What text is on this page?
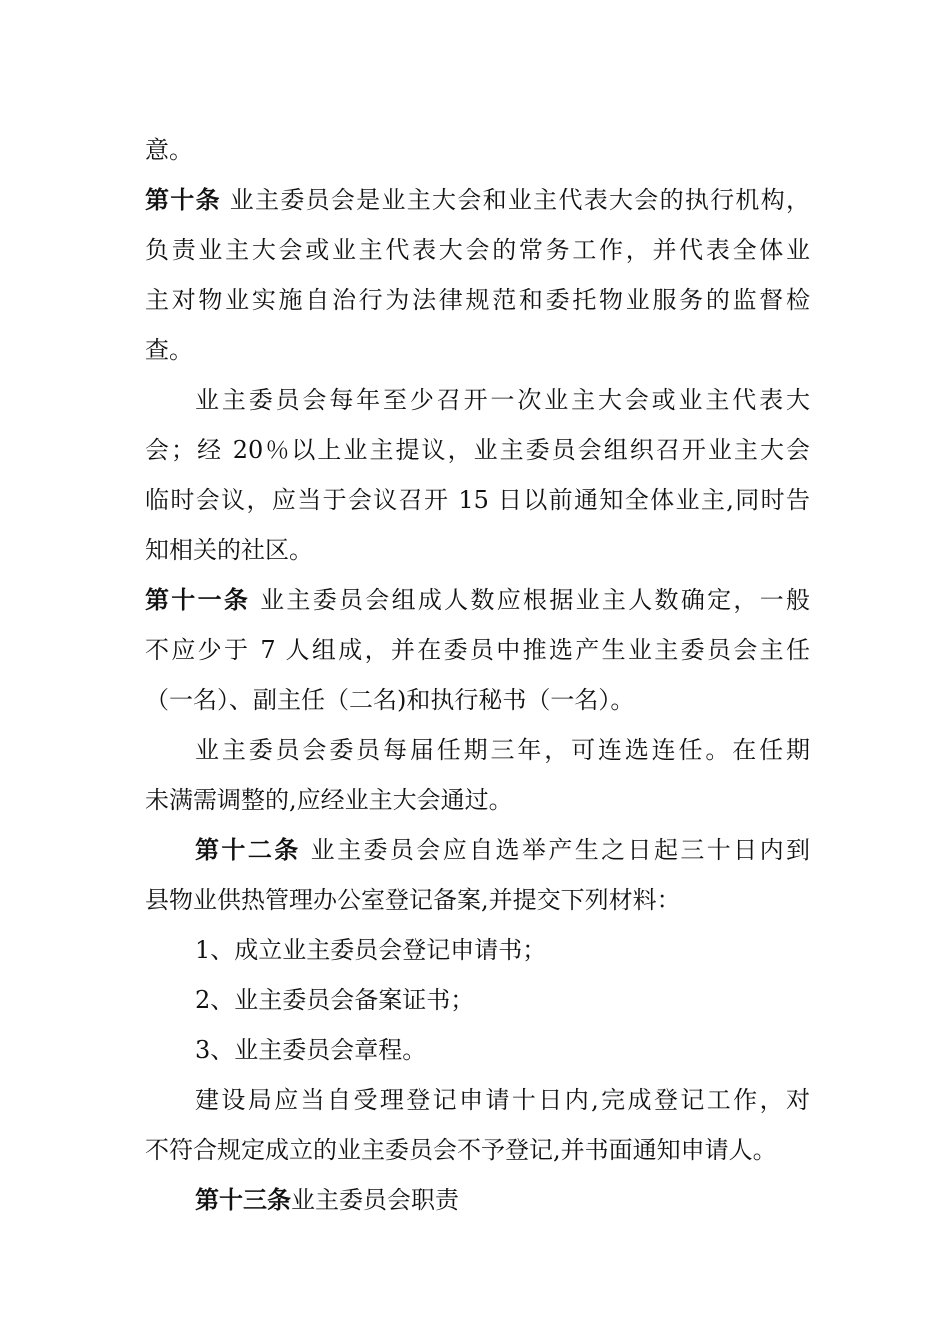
意。
第十条 业主委员会是业主大会和业主代表大会的执行机构，
负责业主大会或业主代表大会的常务工作，并代表全体业
主对物业实施自治行为法律规范和委托物业服务的监督检
查。
业主委员会每年至少召开一次业主大会或业主代表大
会；经 20％以上业主提议，业主委员会组织召开业主大会
临时会议，应当于会议召开 15 日以前通知全体业主,同时告
知相关的社区。
第十一条 业主委员会组成人数应根据业主人数确定，一般
不应少于 7 人组成，并在委员中推选产生业主委员会主任
（一名）、副主任（二名)和执行秘书（一名）。
业主委员会委员每届任期三年，可连选连任。在任期
未满需调整的,应经业主大会通过。
第十二条 业主委员会应自选举产生之日起三十日内到
县物业供热管理办公室登记备案,并提交下列材料：
1、成立业主委员会登记申请书；
2、业主委员会备案证书；
3、业主委员会章程。
建设局应当自受理登记申请十日内,完成登记工作，对
不符合规定成立的业主委员会不予登记,并书面通知申请人。
第十三条业主委员会职责
